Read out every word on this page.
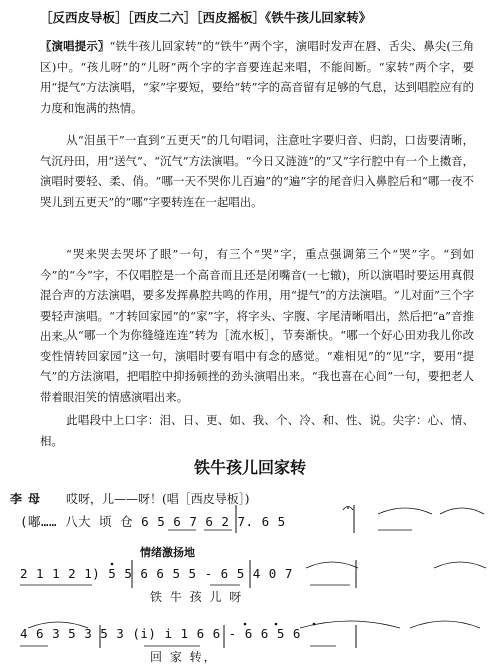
［反西皮导板］［西皮二六］［西皮摇板］《铁牛孩儿回家转》
〖演唱提示〗“铁牛孩儿回家转”的“铁牛”两个字，演唱时发声在唇、舌尖、鼻尖(三角区)中。“孩儿呀”的“儿呀”两个字的字音要连起来唱，不能间断。“家转”两个字，要用“提气”方法演唱，“家”字要短，要给“转”字的高音留有足够的气息，达到唱腔应有的力度和饱满的热情。
从“泪虽干”一直到“五更天”的几句唱词，注意吐字要归音、归韵，口齿要清晰，气沉丹田，用“送气”、“沉气”方法演唱。“今日又涟涟”的“又”字行腔中有一个上擞音，演唱时要轻、柔、俏。“哪一天不哭你儿百遍”的“遍”字的尾音归入鼻腔后和“哪一夜不哭儿到五更天”的“哪”字要转连在一起唱出。
“哭来哭去哭坏了眼”一句，有三个“哭”字，重点强调第三个“哭”字。“到如今”的“今”字，不仅唱腔是一个高音而且还是闭嘴音(一七辙)，所以演唱时要运用真假混合声的方法演唱，要多发挥鼻腔共鸣的作用，用“提气”的方法演唱。“儿对面”三个字要轻声演唱。“才转回家园”的“家”字，将字头、字腹、字尾清晰唱出，然后把“a”音推出来。
从“哪一个为你缝缝连连”转为［流水板］，节奏渐快。“哪一个好心田劝我儿你改变性情转回家园”这一句，演唱时要有唱中有念的感觉。“难相见”的“见”字，要用“提气”的方法演唱，把唱腔中抑扬顿挫的劲头演唱出来。“我也喜在心间”一句，要把老人带着眼泪笑的情感演唱出来。
此唱段中上口字：泪、日、更、如、我、个、冷、和、性、说。尖字：心、情、相。
铁牛孩儿回家转
李母 哎呀，儿——呀！(唱［西皮导板］)
(嘟…… 八大 顷 仓 6 5 6 7 6 2 7. 6 5
情绪激扬地
2 1 1 2 1) 5 5 6 6 5 5 - 6 5 4 0 7
铁 牛 孩 儿 呀
4 6 3 5 3 5 3 (i) i 1 6 6 - 6 6 5 6
回 家 转，
